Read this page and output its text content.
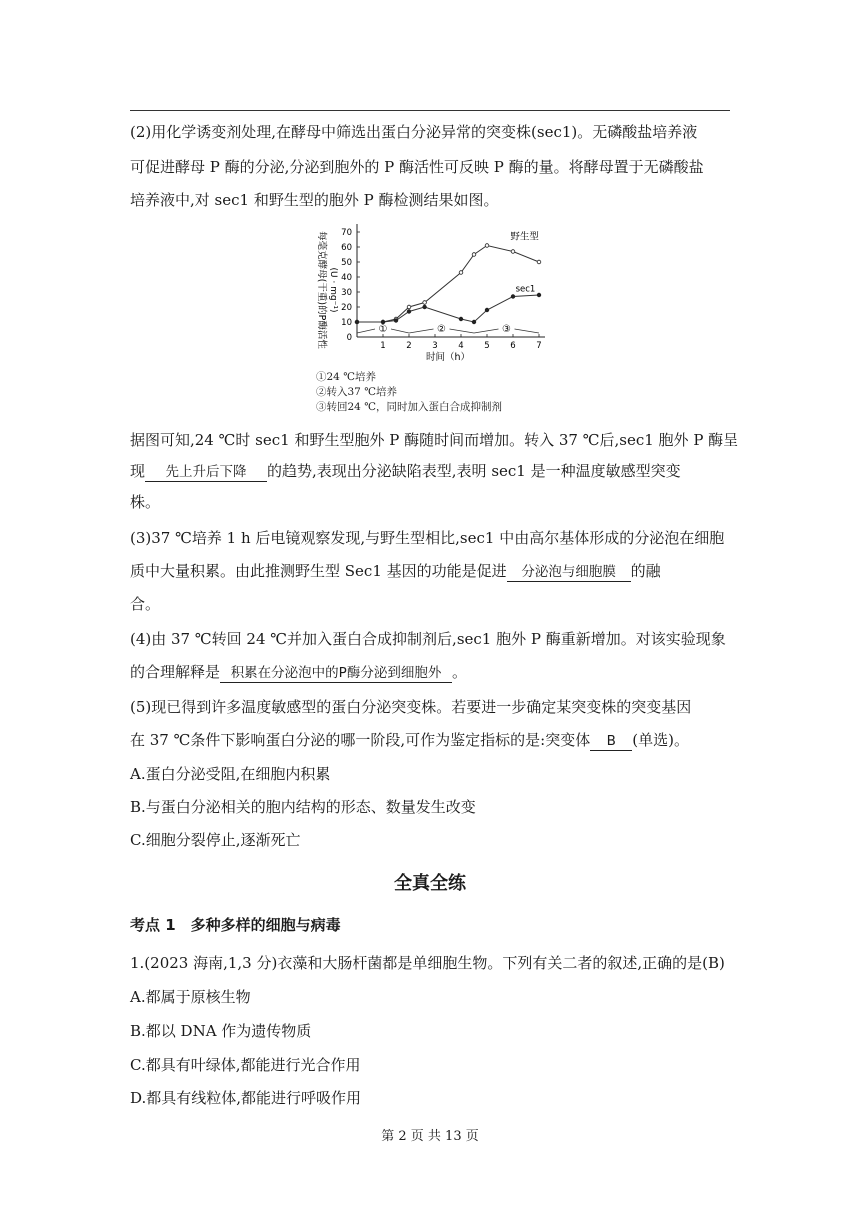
(2)用化学诱变剂处理,在酵母中筛选出蛋白分泌异常的突变株(sec1)。无磷酸盐培养液
可促进酵母 P 酶的分泌,分泌到胞外的 P 酶活性可反映 P 酶的量。将酵母置于无磷酸盐
培养液中,对 sec1 和野生型的胞外 P 酶检测结果如图。
每毫克酵母(干重)的P酶活性 (U · mg⁻¹)
0
10
20
30
40
50
60
70
1 2 3 4 5 6 7
时间（h）
①	②	③
野生型
sec1
①24 ℃培养
②转入37 ℃培养
③转回24 ℃，同时加入蛋白合成抑制剂
据图可知,24 ℃时 sec1 和野生型胞外 P 酶随时间而增加。转入 37 ℃后,sec1 胞外 P 酶呈
现 先上升后下降 的趋势,表现出分泌缺陷表型,表明 sec1 是一种温度敏感型突变
株。
(3)37 ℃培养 1 h 后电镜观察发现,与野生型相比,sec1 中由高尔基体形成的分泌泡在细胞
质中大量积累。由此推测野生型 Sec1 基因的功能是促进 分泌泡与细胞膜 的融
合。
(4)由 37 ℃转回 24 ℃并加入蛋白合成抑制剂后,sec1 胞外 P 酶重新增加。对该实验现象
的合理解释是 积累在分泌泡中的P酶分泌到细胞外 。
(5)现已得到许多温度敏感型的蛋白分泌突变株。若要进一步确定某突变株的突变基因
在 37 ℃条件下影响蛋白分泌的哪一阶段,可作为鉴定指标的是:突变体 B (单选)。
A.蛋白分泌受阻,在细胞内积累
B.与蛋白分泌相关的胞内结构的形态、数量发生改变
C.细胞分裂停止,逐渐死亡
全真全练
考点 1　多种多样的细胞与病毒
1.(2023 海南,1,3 分)衣藻和大肠杆菌都是单细胞生物。下列有关二者的叙述,正确的是(B)
A.都属于原核生物
B.都以 DNA 作为遗传物质
C.都具有叶绿体,都能进行光合作用
D.都具有线粒体,都能进行呼吸作用
第 2 页 共 13 页
